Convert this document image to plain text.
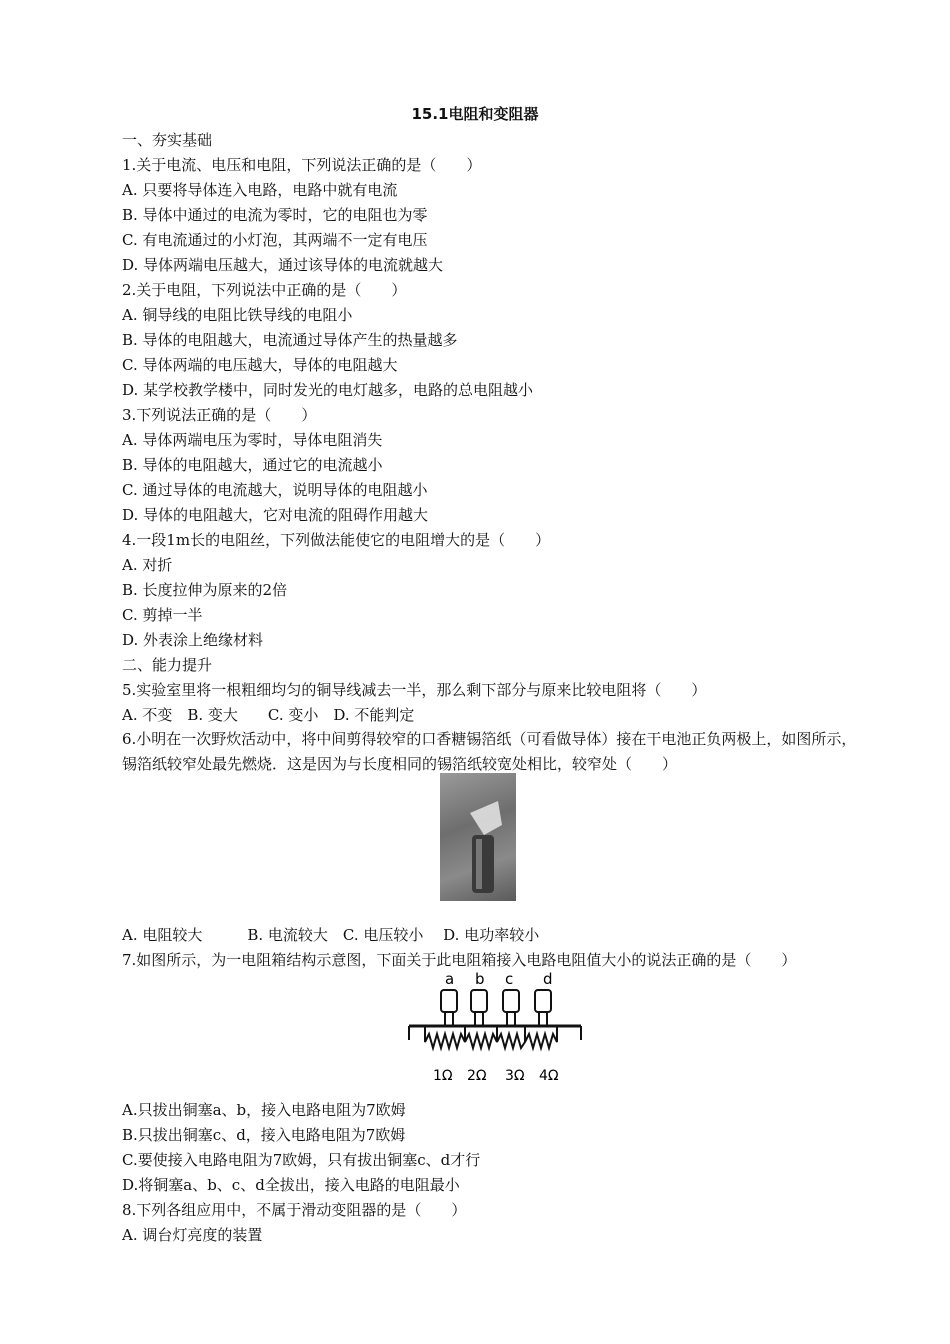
15.1电阻和变阻器
一、夯实基础
1.关于电流、电压和电阻，下列说法正确的是（　　）
A. 只要将导体连入电路，电路中就有电流
B. 导体中通过的电流为零时，它的电阻也为零
C. 有电流通过的小灯泡，其两端不一定有电压
D. 导体两端电压越大，通过该导体的电流就越大
2.关于电阻，下列说法中正确的是（　　）
A. 铜导线的电阻比铁导线的电阻小
B. 导体的电阻越大，电流通过导体产生的热量越多
C. 导体两端的电压越大，导体的电阻越大
D. 某学校教学楼中，同时发光的电灯越多，电路的总电阻越小
3.下列说法正确的是（　　）
A. 导体两端电压为零时，导体电阻消失
B. 导体的电阻越大，通过它的电流越小
C. 通过导体的电流越大，说明导体的电阻越小
D. 导体的电阻越大，它对电流的阻碍作用越大
4.一段1m长的电阻丝，下列做法能使它的电阻增大的是（　　）
A. 对折
B. 长度拉伸为原来的2倍
C. 剪掉一半
D. 外表涂上绝缘材料
二、能力提升
5.实验室里将一根粗细均匀的铜导线减去一半，那么剩下部分与原来比较电阻将（　　）
A. 不变　B. 变大　　C. 变小　D. 不能判定
6.小明在一次野炊活动中，将中间剪得较窄的口香糖锡箔纸（可看做导体）接在干电池正负两极上，如图所示，锡箔纸较窄处最先燃烧．这是因为与长度相同的锡箔纸较宽处相比，较窄处（　　）
A. 电阻较大　　　B. 电流较大　C. 电压较小　 D. 电功率较小
7.如图所示，为一电阻箱结构示意图，下面关于此电阻箱接入电路电阻值大小的说法正确的是（　　）
a b c d
1Ω 2Ω 3Ω 4Ω
A.只拔出铜塞a、b，接入电路电阻为7欧姆
B.只拔出铜塞c、d，接入电路电阻为7欧姆
C.要使接入电路电阻为7欧姆，只有拔出铜塞c、d才行
D.将铜塞a、b、c、d全拔出，接入电路的电阻最小
8.下列各组应用中，不属于滑动变阻器的是（　　）
A. 调台灯亮度的装置
